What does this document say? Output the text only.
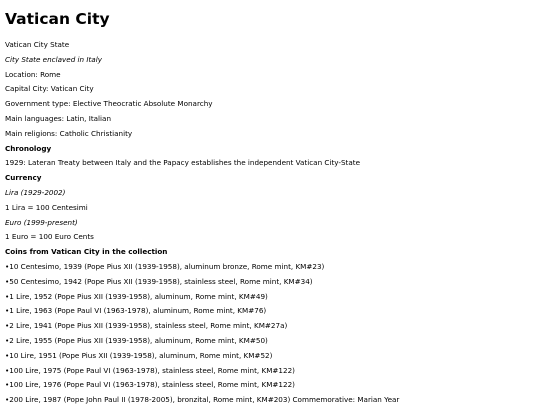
Vatican City
Vatican City State
City State enclaved in Italy
Location: Rome
Capital City: Vatican City
Government type: Elective Theocratic Absolute Monarchy
Main languages: Latin, Italian
Main religions: Catholic Christianity
Chronology
1929: Lateran Treaty between Italy and the Papacy establishes the independent Vatican City-State
Currency
Lira (1929-2002)
1 Lira = 100 Centesimi
Euro (1999-present)
1 Euro = 100 Euro Cents
Coins from Vatican City in the collection
•10 Centesimo, 1939 (Pope Pius XII (1939-1958), aluminum bronze, Rome mint, KM#23)
•50 Centesimo, 1942 (Pope Pius XII (1939-1958), stainless steel, Rome mint, KM#34)
•1 Lire, 1952 (Pope Pius XII (1939-1958), aluminum, Rome mint, KM#49)
•1 Lire, 1963 (Pope Paul VI (1963-1978), aluminum, Rome mint, KM#76)
•2 Lire, 1941 (Pope Pius XII (1939-1958), stainless steel, Rome mint, KM#27a)
•2 Lire, 1955 (Pope Pius XII (1939-1958), aluminum, Rome mint, KM#50)
•10 Lire, 1951 (Pope Pius XII (1939-1958), aluminum, Rome mint, KM#52)
•100 Lire, 1975 (Pope Paul VI (1963-1978), stainless steel, Rome mint, KM#122)
•100 Lire, 1976 (Pope Paul VI (1963-1978), stainless steel, Rome mint, KM#122)
•200 Lire, 1987 (Pope John Paul II (1978-2005), bronzital, Rome mint, KM#203) Commemorative: Marian Year
